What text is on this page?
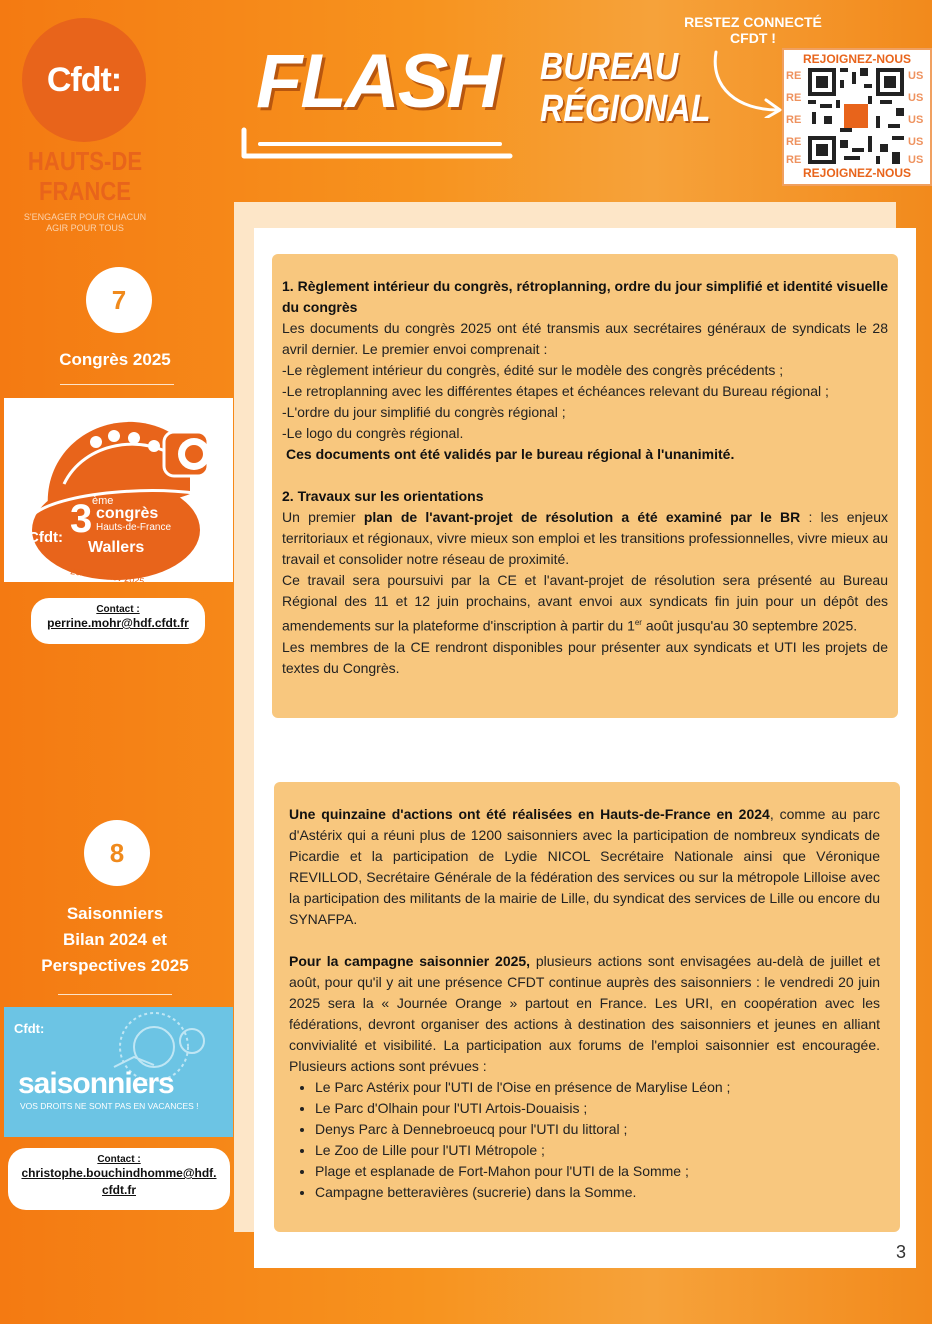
Cfdt:
HAUTS-DE
FRANCE
S'ENGAGER POUR CHACUN
AGIR POUR TOUS
FLASH BUREAU
RÉGIONAL
RESTEZ CONNECTÉ
CFDT !
REJOIGNEZ-NOUS
RE
RE
RE
RE
RE
US
US
US
US
US
REJOIGNEZ-NOUS
7
Congrès 2025
Cfdt: 3 ème
congrès
Hauts-de-France
Wallers
26/27/28 nov 2025
Contact :
perrine.mohr@hdf.cfdt.fr
8
Saisonniers
Bilan 2024 et
Perspectives 2025
Cfdt:
saisonniers
VOS DROITS NE SONT PAS EN VACANCES !
Contact :
christophe.bouchindhomme@hdf.
cfdt.fr

1. Règlement intérieur du congrès, rétroplanning, ordre du jour simplifié et identité visuelle du congrès

Les documents du congrès 2025 ont été transmis aux secrétaires généraux de syndicats le 28 avril dernier. Le premier envoi comprenait :

-Le règlement intérieur du congrès, édité sur le modèle des congrès précédents ;

-Le retroplanning avec les différentes étapes et échéances relevant du Bureau régional ;

-L'ordre du jour simplifié du congrès régional ;

-Le logo du congrès régional.

Ces documents ont été validés par le bureau régional à l'unanimité.

2. Travaux sur les orientations

Un premier plan de l'avant-projet de résolution a été examiné par le BR : les enjeux territoriaux et régionaux, vivre mieux son emploi et les transitions professionnelles, vivre mieux au travail et consolider notre réseau de proximité.

Ce travail sera poursuivi par la CE et l'avant-projet de résolution sera présenté au Bureau Régional des 11 et 12 juin prochains, avant envoi aux syndicats fin juin pour un dépôt des amendements sur la plateforme d'inscription à partir du 1er août jusqu'au 30 septembre 2025.

Les membres de la CE rendront disponibles pour présenter aux syndicats et UTI les projets de textes du Congrès.

Une quinzaine d'actions ont été réalisées en Hauts-de-France en 2024, comme au parc d'Astérix qui a réuni plus de 1200 saisonniers avec la participation de nombreux syndicats de Picardie et la participation de Lydie NICOL Secrétaire Nationale ainsi que Véronique REVILLOD, Secrétaire Générale de la fédération des services ou sur la métropole Lilloise avec la participation des militants de la mairie de Lille, du syndicat des services de Lille ou encore du SYNAFPA.

Pour la campagne saisonnier 2025, plusieurs actions sont envisagées au-delà de juillet et août, pour qu'il y ait une présence CFDT continue auprès des saisonniers : le vendredi 20 juin 2025 sera la « Journée Orange » partout en France. Les URI, en coopération avec les fédérations, devront organiser des actions à destination des saisonniers et jeunes en alliant convivialité et visibilité. La participation aux forums de l'emploi saisonnier est encouragée. Plusieurs actions sont prévues :

• Le Parc Astérix pour l'UTI de l'Oise en présence de Marylise Léon ;
• Le Parc d'Olhain pour l'UTI Artois-Douaisis ;
• Denys Parc à Dennebroeucq pour l'UTI du littoral ;
• Le Zoo de Lille pour l'UTI Métropole ;
• Plage et esplanade de Fort-Mahon pour l'UTI de la Somme ;
• Campagne betteravières (sucrerie) dans la Somme.
3
